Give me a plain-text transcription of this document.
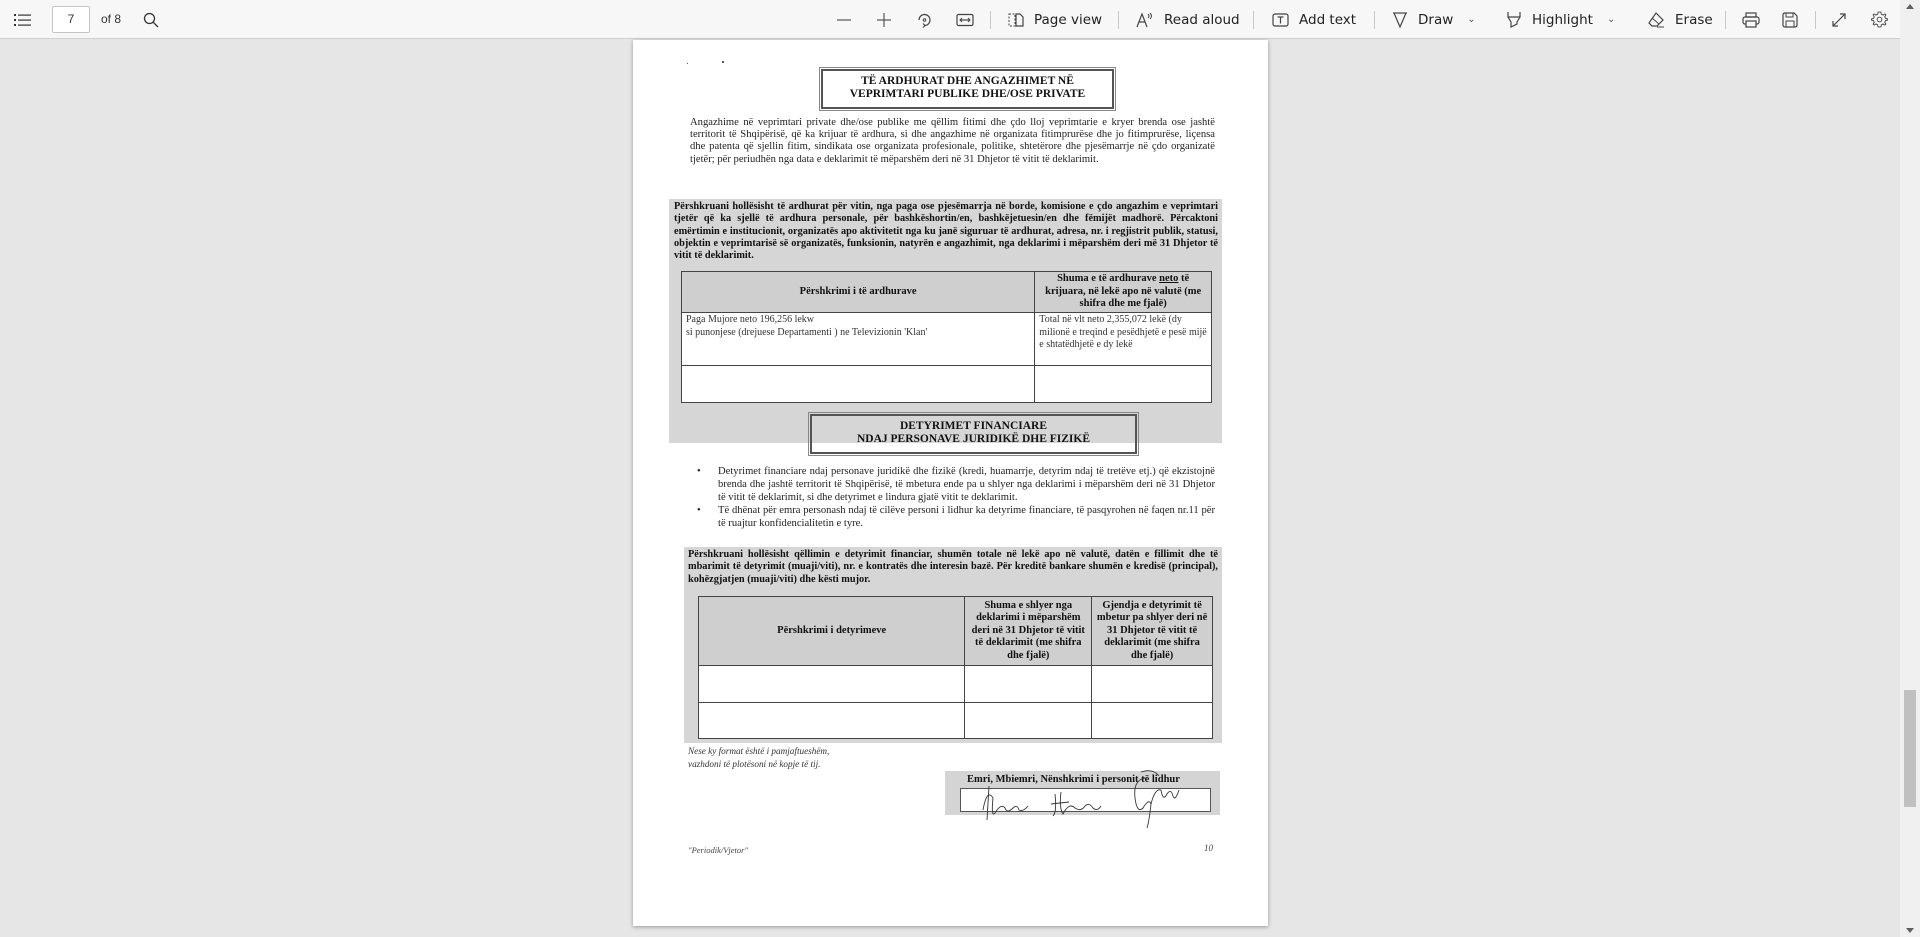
7	of 8	Page view	Read aloud	Add text	Draw ⌄	Highlight ⌄	Erase
TË ARDHURAT DHE ANGAZHIMET NË
VEPRIMTARI PUBLIKE DHE/OSE PRIVATE
Angazhime në veprimtari private dhe/ose publike me qëllim fitimi dhe çdo lloj veprimtarie e kryer brenda ose jashtë territorit të Shqipërisë, që ka krijuar të ardhura, si dhe angazhime në organizata fitimprurëse dhe jo fitimprurëse, liçensa dhe patenta që sjellin fitim, sindikata ose organizata profesionale, politike, shtetërore dhe pjesëmarrje në çdo organizatë tjetër; për periudhën nga data e deklarimit të mëparshëm deri në 31 Dhjetor të vitit të deklarimit.
Përshkruani hollësisht të ardhurat për vitin, nga paga ose pjesëmarrja në borde, komisione e çdo angazhim e veprimtari tjetër që ka sjellë të ardhura personale, për bashkëshortin/en, bashkëjetuesin/en dhe fëmijët madhorë. Përcaktoni emërtimin e institucionit, organizatës apo aktivitetit nga ku janë siguruar të ardhurat, adresa, nr. i regjistrit publik, statusi, objektin e veprimtarisë së organizatës, funksionin, natyrën e angazhimit, nga deklarimi i mëparshëm deri më 31 Dhjetor të vitit të deklarimit.
Përshkrimi i të ardhurave	Shuma e të ardhurave neto të krijuara, në lekë apo në valutë (me shifra dhe me fjalë)

Paga Mujore neto 196,256 lekw
si punonjese (drejuese Departamenti ) ne Televizionin 'Klan'	Total në vlt neto 2,355,072 lekë (dy milionë e treqind e pesëdhjetë e pesë mijë e shtatëdhjetë e dy lekë

DETYRIMET FINANCIARE
NDAJ PERSONAVE JURIDIKË DHE FIZIKË
• Detyrimet financiare ndaj personave juridikë dhe fizikë (kredi, huamarrje, detyrim ndaj të tretëve etj.) që ekzistojnë brenda dhe jashtë territorit të Shqipërisë, të mbetura ende pa u shlyer nga deklarimi i mëparshëm deri në 31 Dhjetor të vitit të deklarimit, si dhe detyrimet e lindura gjatë vitit te deklarimit.
• Të dhënat për emra personash ndaj të cilëve personi i lidhur ka detyrime financiare, të pasqyrohen në faqen nr.11 për të ruajtur konfidencialitetin e tyre.
Përshkruani hollësisht qëllimin e detyrimit financiar, shumën totale në lekë apo në valutë, datën e fillimit dhe të mbarimit të detyrimit (muaji/viti), nr. e kontratës dhe interesin bazë. Për kreditë bankare shumën e kredisë (principal), kohëzgjatjen (muaji/viti) dhe kësti mujor.
Përshkrimi i detyrimeve	Shuma e shlyer nga deklarimi i mëparshëm deri në 31 Dhjetor të vitit të deklarimit (me shifra dhe fjalë)	Gjendja e detyrimit të mbetur pa shlyer deri në 31 Dhjetor të vitit të deklarimit (me shifra dhe fjalë)

Nese ky format është i pamjaftueshëm,
vazhdoni të plotësoni në kopje të tij.
Emri, Mbiemri, Nënshkrimi i personit të lidhur
"Periodik/Vjetor"	10
